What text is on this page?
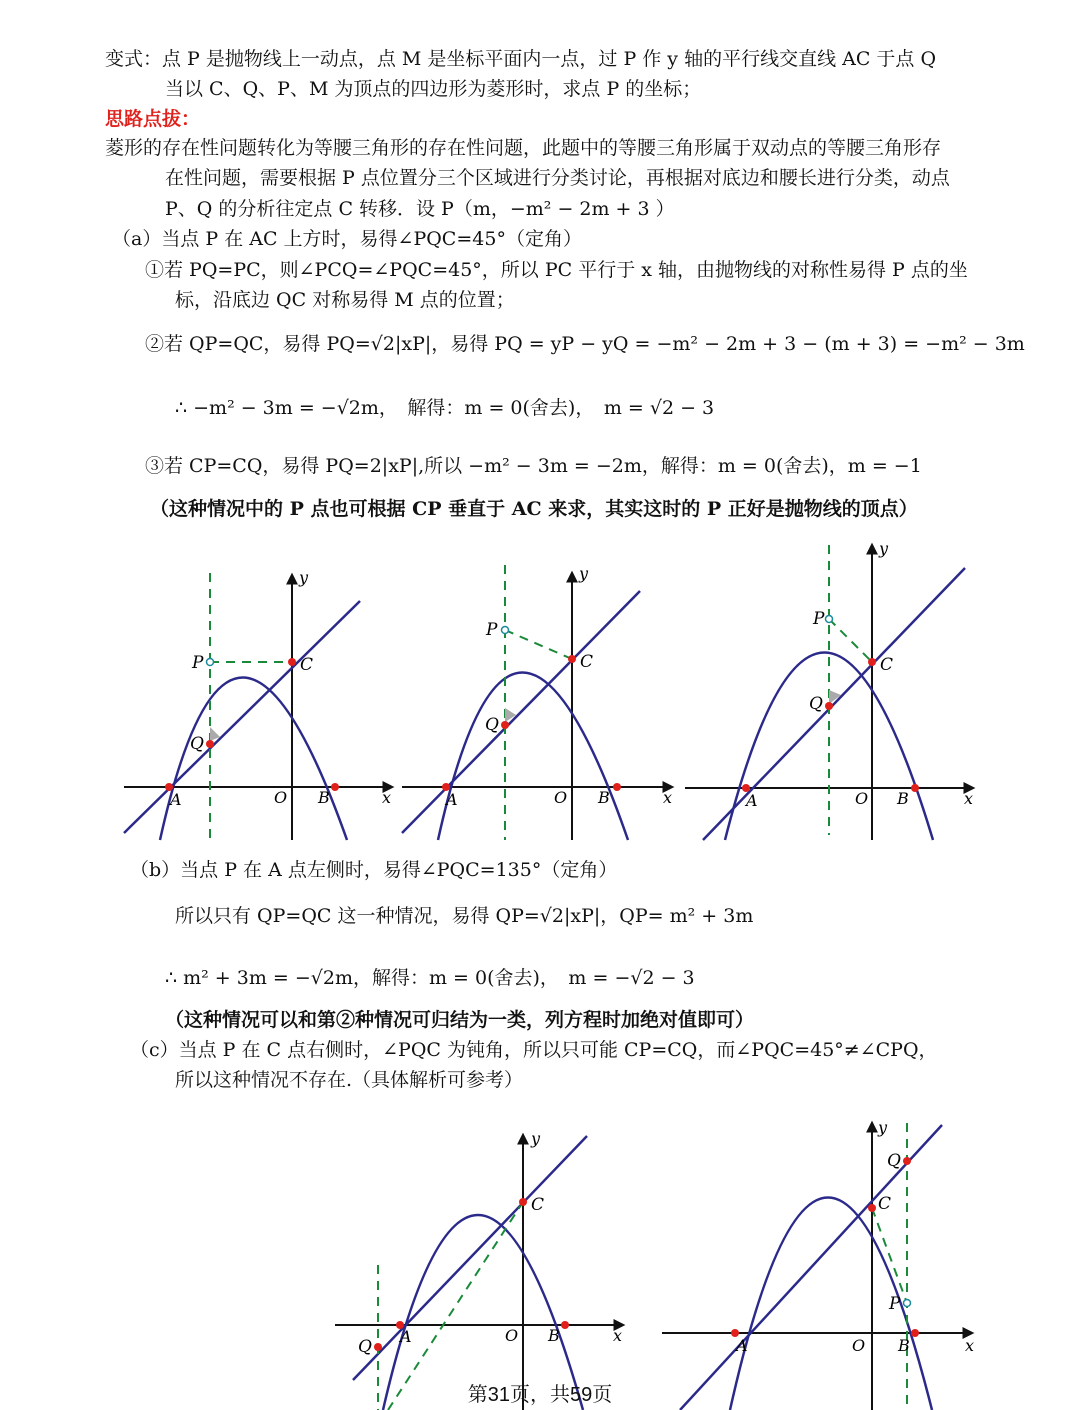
变式：点 P 是抛物线上一动点，点 M 是坐标平面内一点，过 P 作 y 轴的平行线交直线 AC 于点 Q
当以 C、Q、P、M 为顶点的四边形为菱形时，求点 P 的坐标；
思路点拔：
菱形的存在性问题转化为等腰三角形的存在性问题，此题中的等腰三角形属于双动点的等腰三角形存
在性问题，需要根据 P 点位置分三个区域进行分类讨论，再根据对底边和腰长进行分类，动点
P、Q 的分析往定点 C 转移．设 P（m，−m² − 2m + 3 ）
（a）当点 P 在 AC 上方时，易得∠PQC=45°（定角）
①若 PQ=PC，则∠PCQ=∠PQC=45°，所以 PC 平行于 x 轴，由抛物线的对称性易得 P 点的坐
标，沿底边 QC 对称易得 M 点的位置；
②若 QP=QC，易得 PQ=√2|xP|，易得 PQ = yP − yQ = −m² − 2m + 3 − (m + 3) = −m² − 3m
∴ −m² − 3m = −√2m，　解得：m = 0(舍去)，　m = √2 − 3
③若 CP=CQ，易得 PQ=2|xP|,所以 −m² − 3m = −2m，解得：m = 0(舍去)，m = −1
（这种情况中的 P 点也可根据 CP 垂直于 AC 来求，其实这时的 P 正好是抛物线的顶点）
P	C
Q
A	O B	x
y
P
C
Q
A	O B	x
y
P
C
Q
A	O B	x
y
（b）当点 P 在 A 点左侧时，易得∠PQC=135°（定角）
所以只有 QP=QC 这一种情况，易得 QP=√2|xP|，QP= m² + 3m
∴ m² + 3m = −√2m，解得：m = 0(舍去)，　m = −√2 − 3
（这种情况可以和第②种情况可归结为一类，列方程时加绝对值即可）
（c）当点 P 在 C 点右侧时，∠PQC 为钝角，所以只可能 CP=CQ，而∠PQC=45°≠∠CPQ，
所以这种情况不存在.（具体解析可参考）
Q
C
A	O B	x
y
Q
C
P
A	O B	x
y
第31页，共59页
